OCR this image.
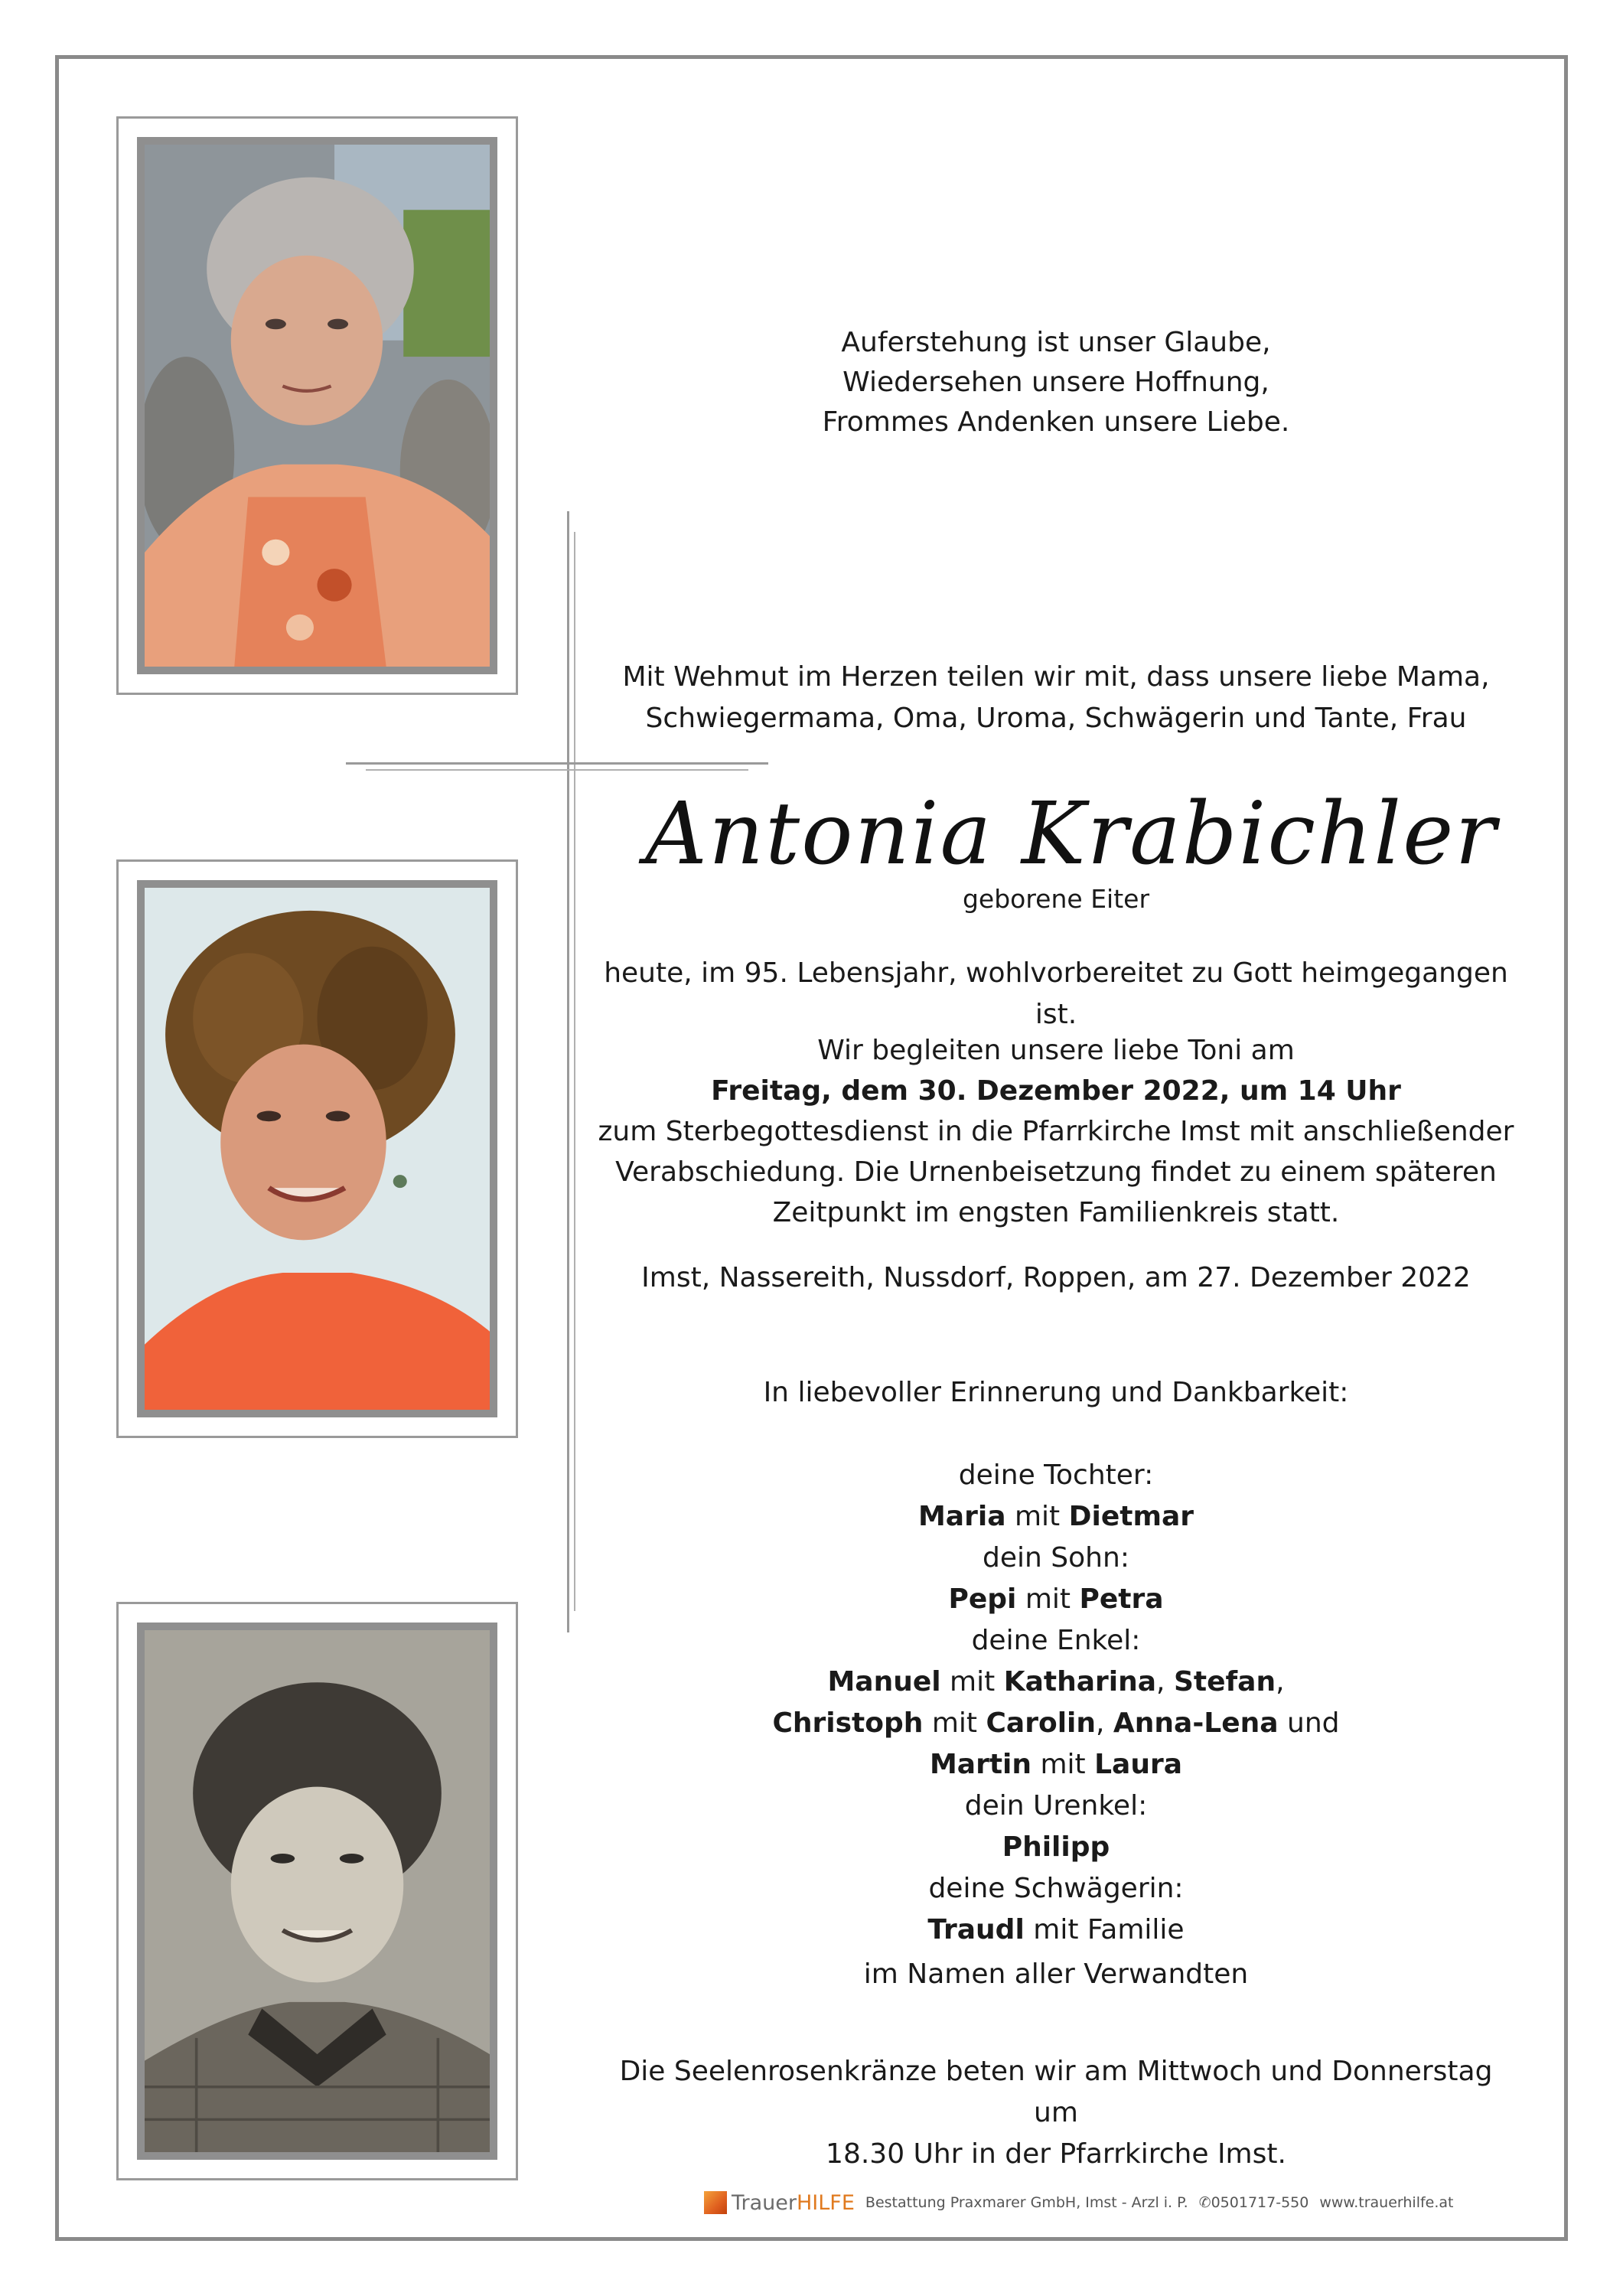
Auferstehung ist unser Glaube,

Wiedersehen unsere Hoffnung,

Frommes Andenken unsere Liebe.

Mit Wehmut im Herzen teilen wir mit, dass unsere liebe Mama,

Schwiegermama, Oma, Uroma, Schwägerin und Tante, Frau

Antonia Krabichler

geborene Eiter

heute, im 95. Lebensjahr, wohlvorbereitet zu Gott heimgegangen ist.

Wir begleiten unsere liebe Toni am

Freitag, dem 30. Dezember 2022, um 14 Uhr

zum Sterbegottesdienst in die Pfarrkirche Imst mit anschließender

Verabschiedung. Die Urnenbeisetzung findet zu einem späteren

Zeitpunkt im engsten Familienkreis statt.

Imst, Nassereith, Nussdorf, Roppen, am 27. Dezember 2022

In liebevoller Erinnerung und Dankbarkeit:

deine Tochter:

Maria mit Dietmar

dein Sohn:

Pepi mit Petra

deine Enkel:

Manuel mit Katharina, Stefan,

Christoph mit Carolin, Anna-Lena und

Martin mit Laura

dein Urenkel:

Philipp

deine Schwägerin:

Traudl mit Familie

im Namen aller Verwandten

Die Seelenrosenkränze beten wir am Mittwoch und Donnerstag um

18.30 Uhr in der Pfarrkirche Imst.

Trauer HILFE Bestattung Praxmarer GmbH, Imst - Arzl i. P. ✆0501717-550 www.trauerhilfe.at
